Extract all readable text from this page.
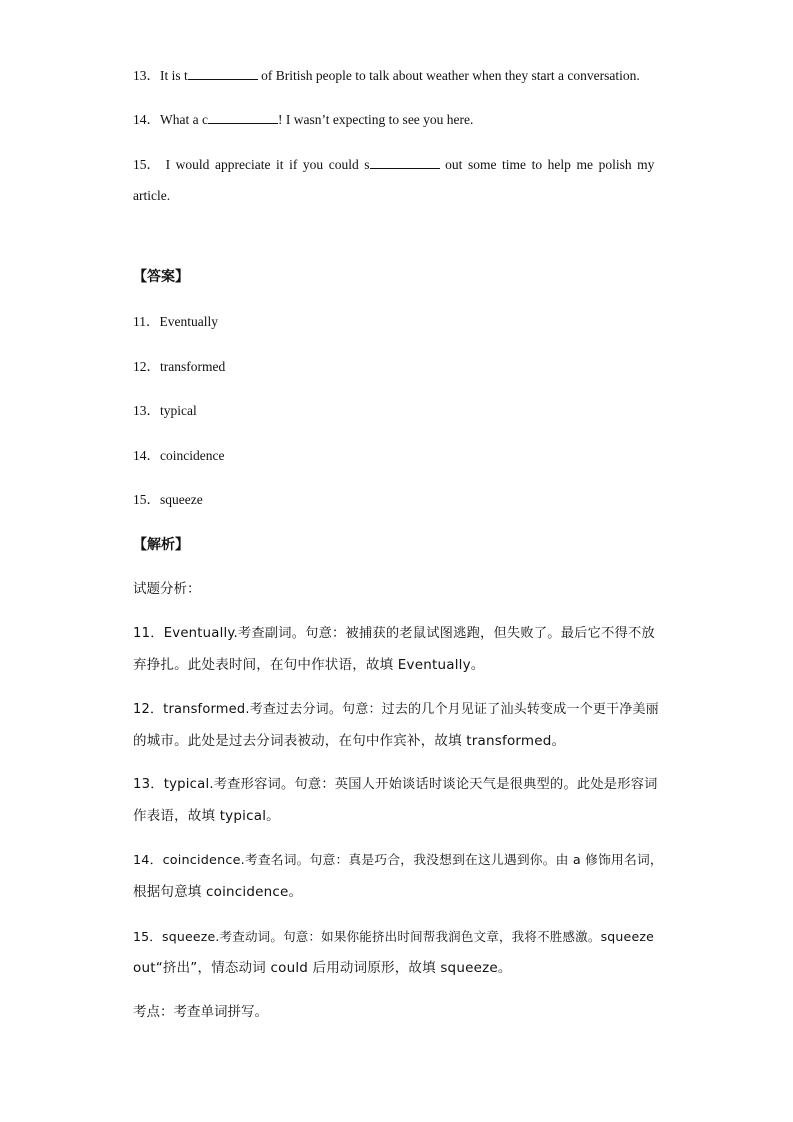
13．It is t	of British people to talk about weather when they start a conversation.
14．What a c	! I wasn’t expecting to see you here.
15． I would appreciate it if you could s	out some time to help me polish my
article.
【答案】
11．Eventually
12．transformed
13．typical
14．coincidence
15．squeeze
【解析】
试题分析：
11．Eventually.考查副词。句意：被捕获的老鼠试图逃跑，但失败了。最后它不得不放
弃挣扎。此处表时间，在句中作状语，故填 Eventually。
12．transformed.考查过去分词。句意：过去的几个月见证了汕头转变成一个更干净美丽
的城市。此处是过去分词表被动，在句中作宾补，故填 transformed。
13．typical.考查形容词。句意：英国人开始谈话时谈论天气是很典型的。此处是形容词
作表语，故填 typical。
14．coincidence.考查名词。句意：真是巧合，我没想到在这儿遇到你。由 a 修饰用名词，
根据句意填 coincidence。
15．squeeze.考查动词。句意：如果你能挤出时间帮我润色文章，我将不胜感激。squeeze
out“挤出”，情态动词 could 后用动词原形，故填 squeeze。
考点：考查单词拼写。
